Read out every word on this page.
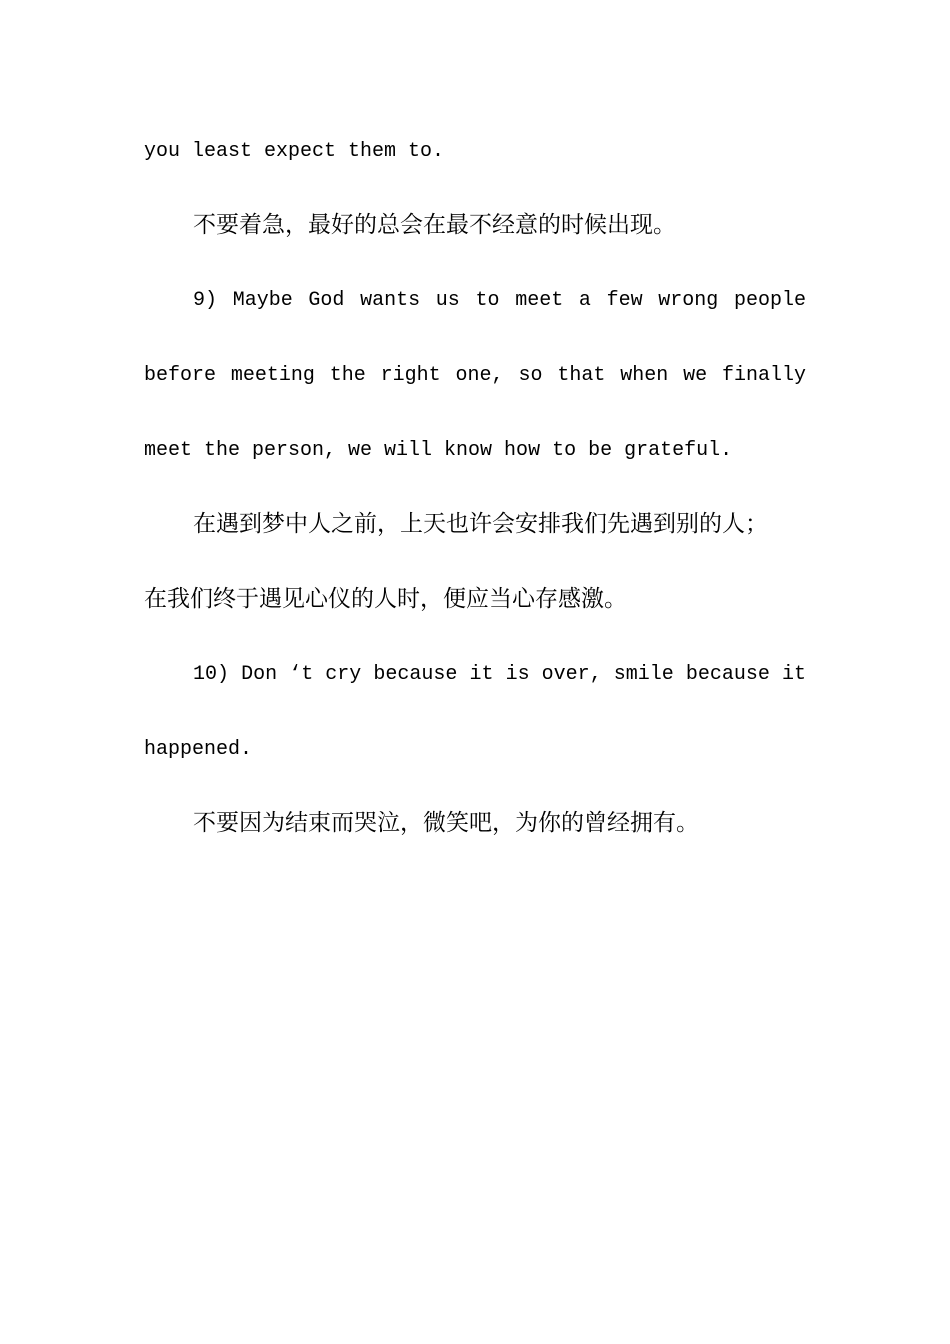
you least expect them to.
不要着急，最好的总会在最不经意的时候出现。
9) Maybe God wants us to meet a few wrong people
before meeting the right one, so that when we finally
meet the person, we will know how to be grateful.
在遇到梦中人之前，上天也许会安排我们先遇到别的人；
在我们终于遇见心仪的人时，便应当心存感激。
10) Don ‘t cry because it is over, smile because it
happened.
不要因为结束而哭泣，微笑吧，为你的曾经拥有。
